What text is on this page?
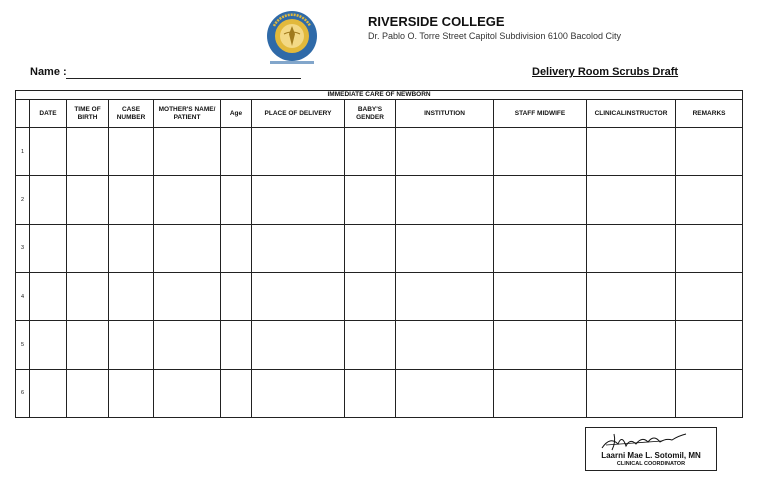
RIVERSIDE COLLEGE
Dr. Pablo O. Torre Street Capitol Subdivision 6100 Bacolod City
Name :	Delivery Room Scrubs Draft
IMMEDIATE CARE OF NEWBORN											
	DATE	TIME OF BIRTH	CASE NUMBER	MOTHER'S NAME/ PATIENT	Age	PLACE OF DELIVERY	BABY'S GENDER	INSTITUTION	STAFF MIDWIFE	CLINICALINSTRUCTOR	REMARKS
1											
2											
3											
4											
5											
6											
Laarni Mae L. Sotomil, MN
CLINICAL COORDINATOR
